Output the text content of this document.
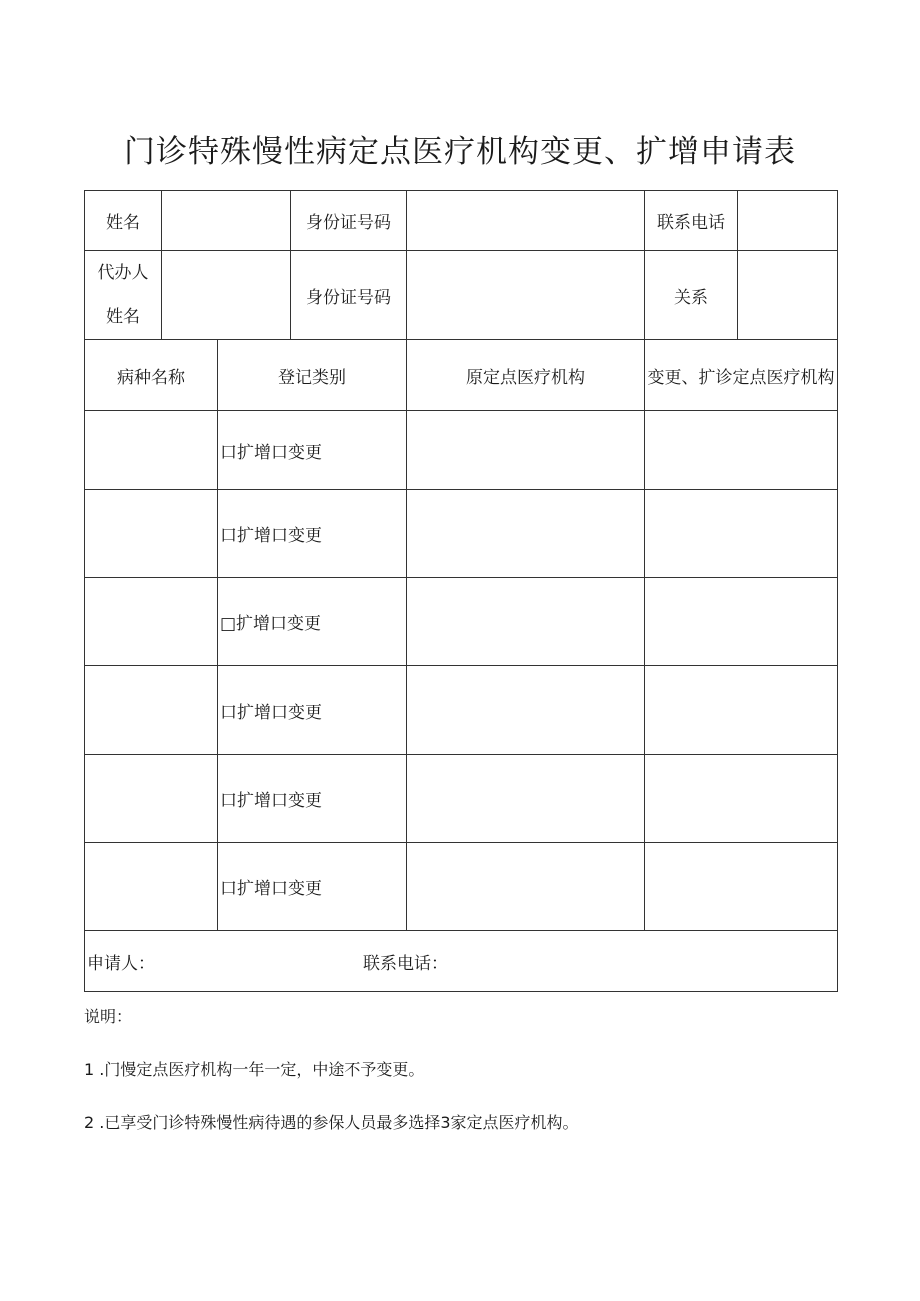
门诊特殊慢性病定点医疗机构变更、扩增申请表
姓名			身份证号码		联系电话	

代办人
姓名			身份证号码		关系	
病种名称		登记类别		原定点医疗机构	变更、扩诊定点医疗机构	
		口扩增口变更				
		口扩增口变更				
		□扩增口变更				
		口扩增口变更				
		口扩增口变更				
		口扩增口变更				
申请人： 联系电话：						
说明：
1 .门慢定点医疗机构一年一定，中途不予变更。
2 .已享受门诊特殊慢性病待遇的参保人员最多选择3家定点医疗机构。
